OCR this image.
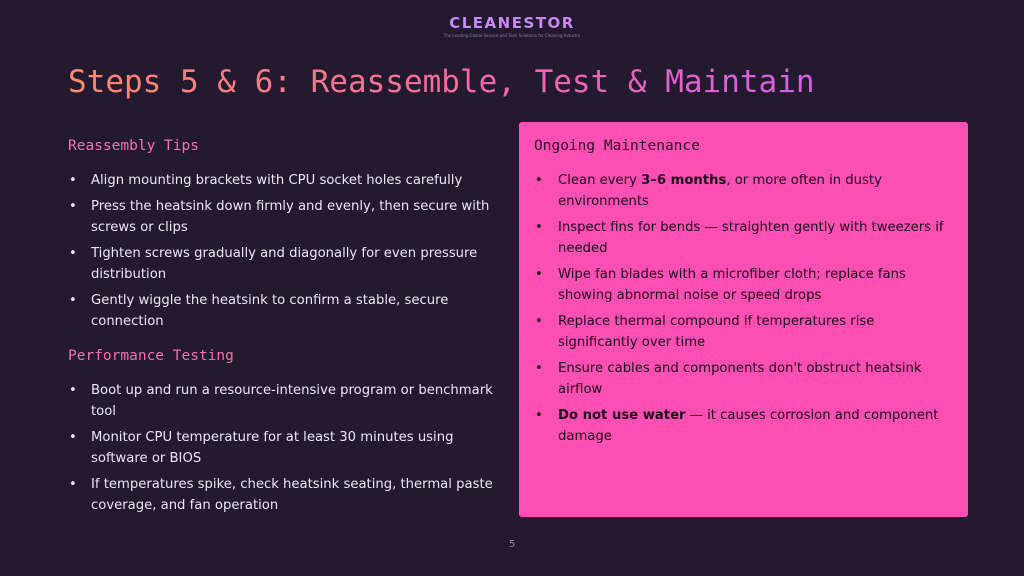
CLEANESTOR
The Leading Global Service and Tech Solutions for Cleaning Industry
Steps 5 & 6: Reassemble, Test & Maintain
Reassembly Tips
• Align mounting brackets with CPU socket holes carefully
• Press the heatsink down firmly and evenly, then secure with screws or clips
• Tighten screws gradually and diagonally for even pressure distribution
• Gently wiggle the heatsink to confirm a stable, secure connection
Performance Testing
• Boot up and run a resource-intensive program or benchmark tool
• Monitor CPU temperature for at least 30 minutes using software or BIOS
• If temperatures spike, check heatsink seating, thermal paste coverage, and fan operation
Ongoing Maintenance
• Clean every 3–6 months, or more often in dusty environments
• Inspect fins for bends — straighten gently with tweezers if needed
• Wipe fan blades with a microfiber cloth; replace fans showing abnormal noise or speed drops
• Replace thermal compound if temperatures rise significantly over time
• Ensure cables and components don't obstruct heatsink airflow
• Do not use water — it causes corrosion and component damage
5
